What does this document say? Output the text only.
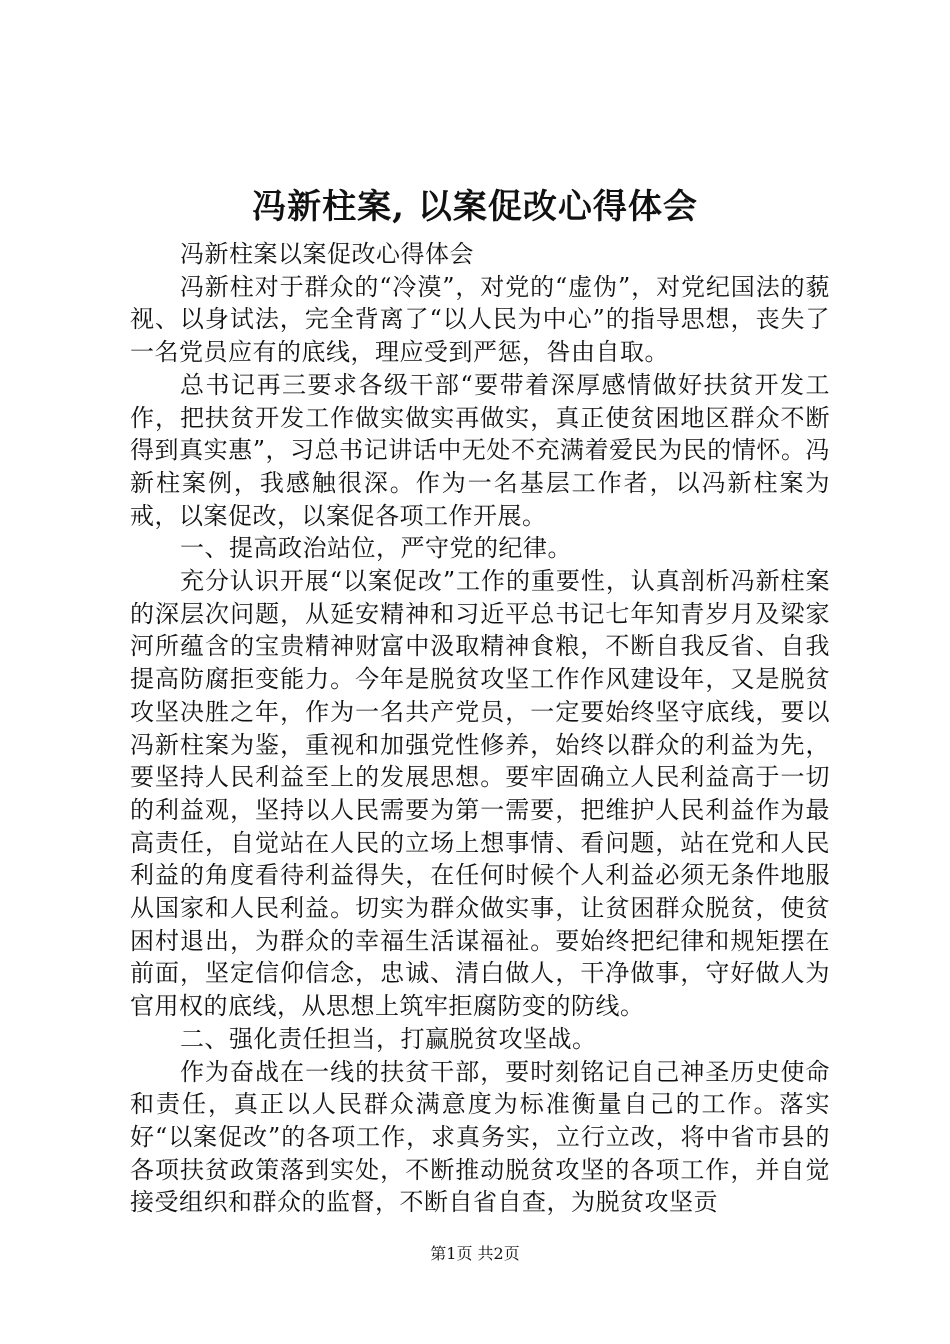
冯新柱案, 以案促改心得体会

冯新柱案以案促改心得体会

冯新柱对于群众的“冷漠”，对党的“虚伪”，对党纪国法的藐视、以身试法，完全背离了“以人民为中心”的指导思想，丧失了一名党员应有的底线，理应受到严惩，咎由自取。

总书记再三要求各级干部“要带着深厚感情做好扶贫开发工作，把扶贫开发工作做实做实再做实，真正使贫困地区群众不断得到真实惠”，习总书记讲话中无处不充满着爱民为民的情怀。冯新柱案例，我感触很深。作为一名基层工作者，以冯新柱案为戒，以案促改，以案促各项工作开展。

一、提高政治站位，严守党的纪律。

充分认识开展“以案促改”工作的重要性，认真剖析冯新柱案的深层次问题，从延安精神和习近平总书记七年知青岁月及梁家河所蕴含的宝贵精神财富中汲取精神食粮，不断自我反省、自我提高防腐拒变能力。今年是脱贫攻坚工作作风建设年，又是脱贫攻坚决胜之年，作为一名共产党员，一定要始终坚守底线，要以冯新柱案为鉴，重视和加强党性修养，始终以群众的利益为先，要坚持人民利益至上的发展思想。要牢固确立人民利益高于一切的利益观，坚持以人民需要为第一需要，把维护人民利益作为最高责任，自觉站在人民的立场上想事情、看问题，站在党和人民利益的角度看待利益得失，在任何时候个人利益必须无条件地服从国家和人民利益。切实为群众做实事，让贫困群众脱贫，使贫困村退出，为群众的幸福生活谋福祉。要始终把纪律和规矩摆在前面，坚定信仰信念，忠诚、清白做人，干净做事，守好做人为官用权的底线，从思想上筑牢拒腐防变的防线。

二、强化责任担当，打赢脱贫攻坚战。

作为奋战在一线的扶贫干部，要时刻铭记自己神圣历史使命和责任，真正以人民群众满意度为标准衡量自己的工作。落实好“以案促改”的各项工作，求真务实，立行立改，将中省市县的各项扶贫政策落到实处，不断推动脱贫攻坚的各项工作，并自觉接受组织和群众的监督，不断自省自查，为脱贫攻坚贡

第1页 共2页
